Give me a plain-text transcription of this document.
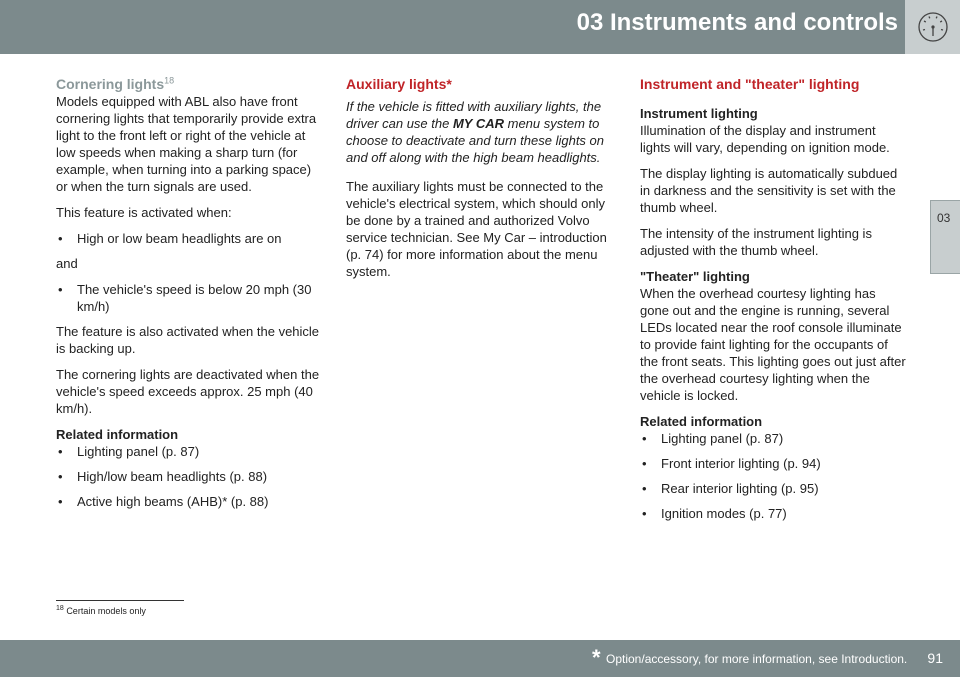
03 Instruments and controls
03
Cornering lights$^{18}$

Models equipped with ABL also have front cornering lights that temporarily provide extra light to the front left or right of the vehicle at low speeds when making a sharp turn (for example, when turning into a parking space) or when the turn signals are used.

This feature is activated when:

• High or low beam headlights are on

and

• The vehicle's speed is below 20 mph (30 km/h)

The feature is also activated when the vehicle is backing up.

The cornering lights are deactivated when the vehicle's speed exceeds approx. 25 mph (40 km/h).

Related information
• Lighting panel (p. 87)
• High/low beam headlights (p. 88)
• Active high beams (AHB)* (p. 88)
Auxiliary lights*

If the vehicle is fitted with auxiliary lights, the driver can use the MY CAR menu system to choose to deactivate and turn these lights on and off along with the high beam headlights.

The auxiliary lights must be connected to the vehicle's electrical system, which should only be done by a trained and authorized Volvo service technician. See My Car – introduction (p. 74) for more information about the menu system.

Instrument and "theater" lighting
Instrument lighting

Illumination of the display and instrument lights will vary, depending on ignition mode.

The display lighting is automatically subdued in darkness and the sensitivity is set with the thumb wheel.

The intensity of the instrument lighting is adjusted with the thumb wheel.

"Theater" lighting

When the overhead courtesy lighting has gone out and the engine is running, several LEDs located near the roof console illuminate to provide faint lighting for the occupants of the front seats. This lighting goes out just after the overhead courtesy lighting when the vehicle is locked.

Related information
• Lighting panel (p. 87)
• Front interior lighting (p. 94)
• Rear interior lighting (p. 95)
• Ignition modes (p. 77)
$^{18}$ Certain models only
* Option/accessory, for more information, see Introduction. 91
